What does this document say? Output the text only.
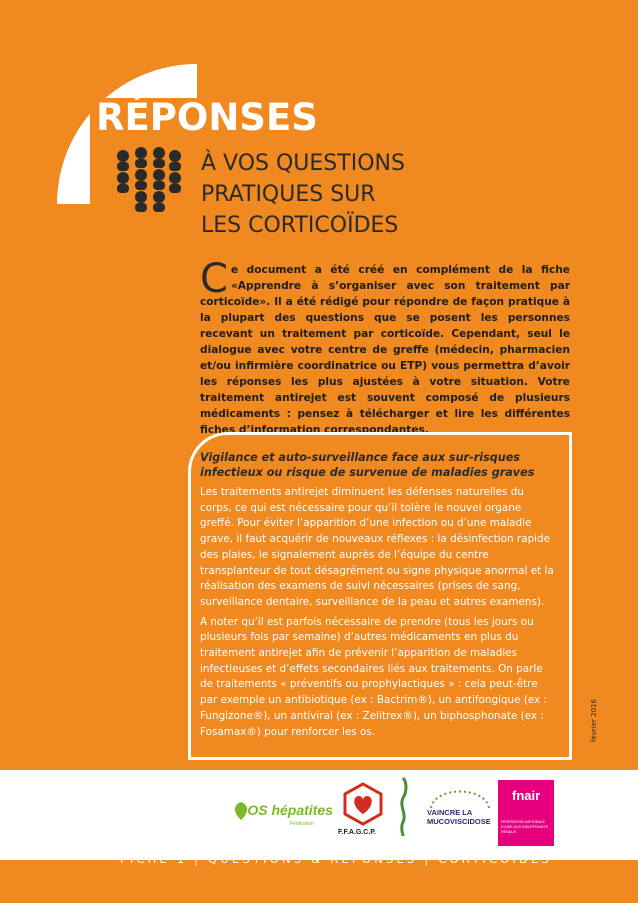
RÉPONSES
À VOS QUESTIONS
PRATIQUES SUR
LES CORTICOÏDES
Ce document a été créé en complément de la fiche «Apprendre à s’organiser avec son traitement par corticoïde». Il a été rédigé pour répondre de façon pratique à la plupart des questions que se posent les personnes recevant un traitement par corticoïde. Cependant, seul le dialogue avec votre centre de greffe (médecin, pharmacien et/ou infirmière coordinatrice ou ETP) vous permettra d’avoir les réponses les plus ajustées à votre situation. Votre traitement antirejet est souvent composé de plusieurs médicaments : pensez à télécharger et lire les différentes fiches d’information correspondantes.
Vigilance et auto-surveillance face aux sur-risques infectieux ou risque de survenue de maladies graves

Les traitements antirejet diminuent les défenses naturelles du corps, ce qui est nécessaire pour qu’il tolère le nouvel organe greffé. Pour éviter l’apparition d’une infection ou d’une maladie grave, il faut acquérir de nouveaux réflexes : la désinfection rapide des plaies, le signalement auprès de l’équipe du centre transplanteur de tout désagrément ou signe physique anormal et la réalisation des examens de suivi nécessaires (prises de sang, surveillance dentaire, surveillance de la peau et autres examens).

A noter qu’il est parfois nécessaire de prendre (tous les jours ou plusieurs fois par semaine) d’autres médicaments en plus du traitement antirejet afin de prévenir l’apparition de maladies infectieuses et d’effets secondaires liés aux traitements. On parle de traitements « préventifs ou prophylactiques » : cela peut-être par exemple un antibiotique (ex : Bactrim®), un antifongique (ex : Fungizone®), un antiviral (ex : Zelitrex®), un biphosphonate (ex : Fosamax®) pour renforcer les os.	février 2016
SOS hépatites
Fédération
F.F.A.G.C.P.
VAINCRE LA MUCOVISCIDOSE
fnair
FÉDÉRATION NATIONALE D’AIDE AUX INSUFFISANTS RÉNAUX
FICHE 1 | QUESTIONS & REPONSES | CORTICOÏDES
